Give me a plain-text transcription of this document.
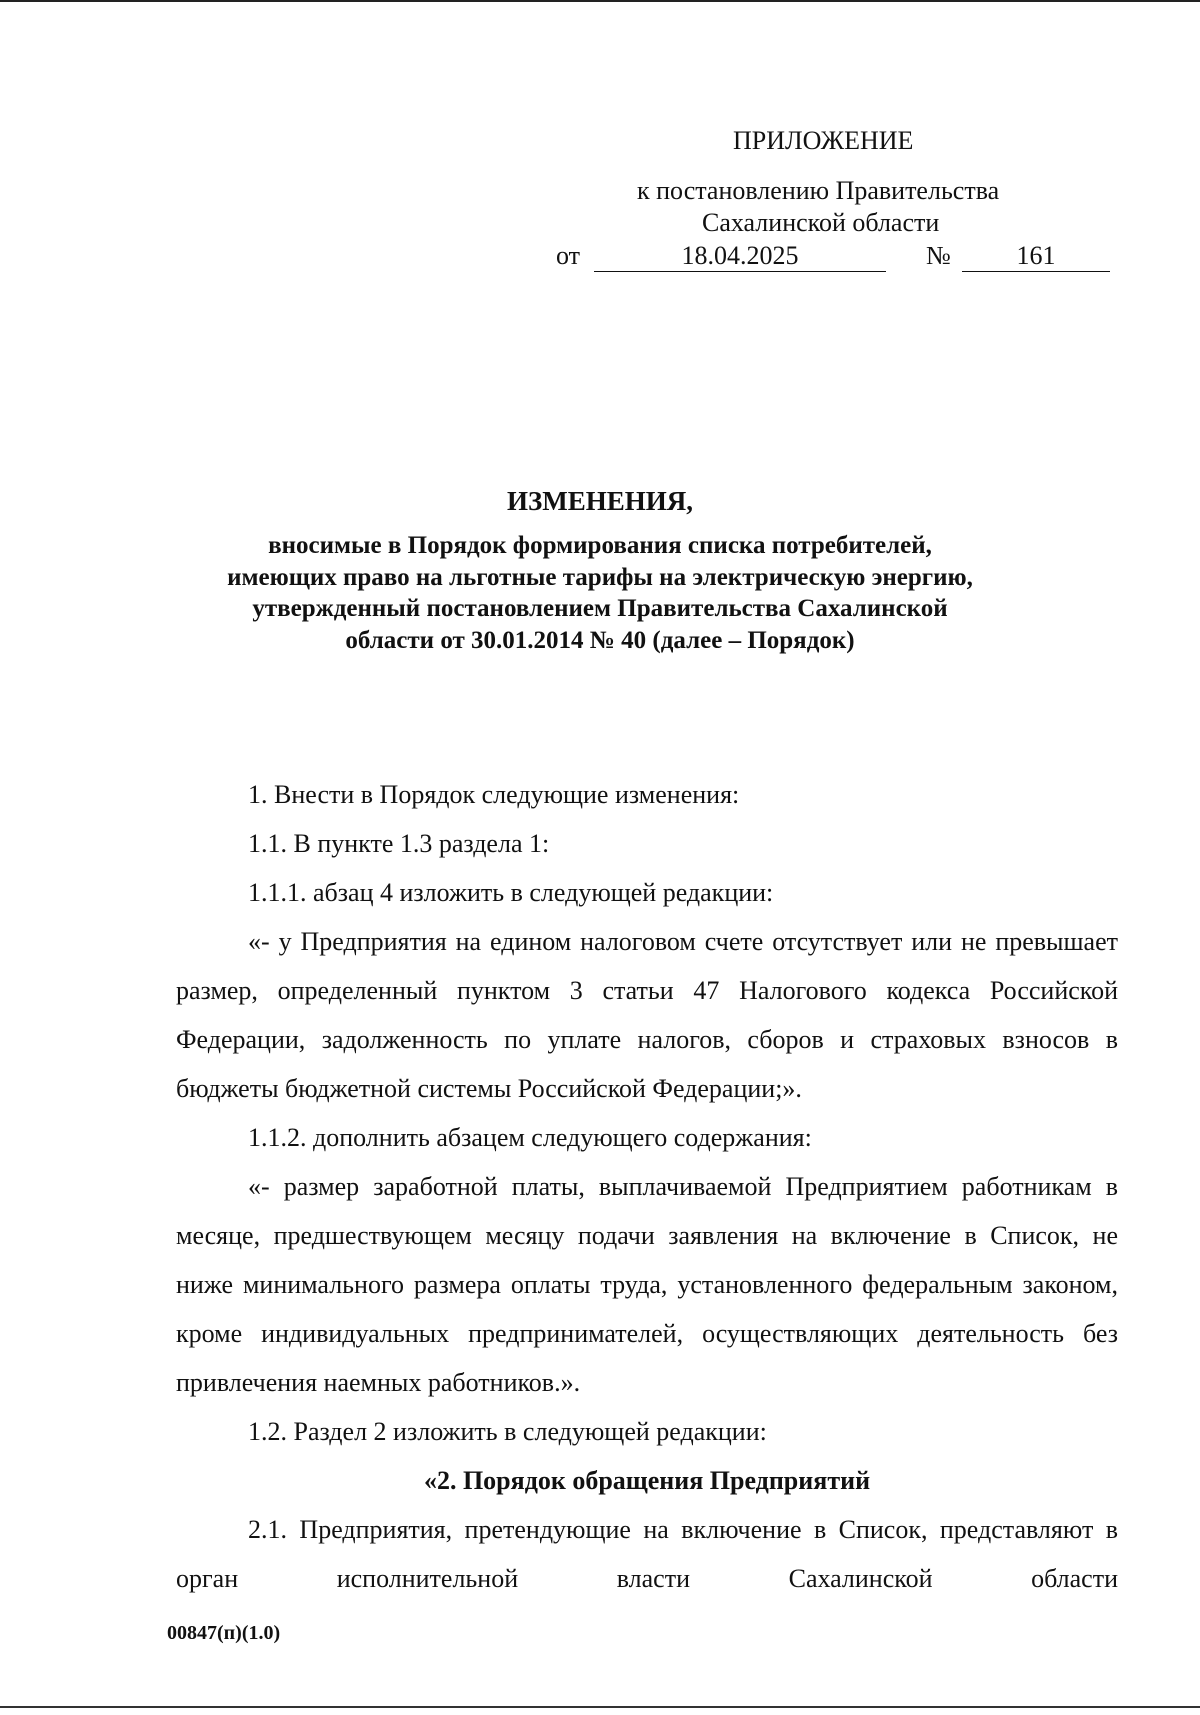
ПРИЛОЖЕНИЕ
к постановлению Правительства
Сахалинской области
от	18.04.2025	№	161
ИЗМЕНЕНИЯ,
вносимые в Порядок формирования списка потребителей,
имеющих право на льготные тарифы на электрическую энергию,
утвержденный постановлением Правительства Сахалинской
области от 30.01.2014 № 40 (далее – Порядок)

1. Внести в Порядок следующие изменения:

1.1. В пункте 1.3 раздела 1:

1.1.1. абзац 4 изложить в следующей редакции:

«- у Предприятия на едином налоговом счете отсутствует или не превышает размер, определенный пунктом 3 статьи 47 Налогового кодекса Российской Федерации, задолженность по уплате налогов, сборов и страховых взносов в бюджеты бюджетной системы Российской Федерации;».

1.1.2. дополнить абзацем следующего содержания:

«- размер заработной платы, выплачиваемой Предприятием работникам в месяце, предшествующем месяцу подачи заявления на включение в Список, не ниже минимального размера оплаты труда, установленного федеральным законом, кроме индивидуальных предпринимателей, осуществляющих деятельность без привлечения наемных работников.».

1.2. Раздел 2 изложить в следующей редакции:

«2. Порядок обращения Предприятий

2.1. Предприятия, претендующие на включение в Список, представляют в орган исполнительной власти Сахалинской области

00847(п)(1.0)
